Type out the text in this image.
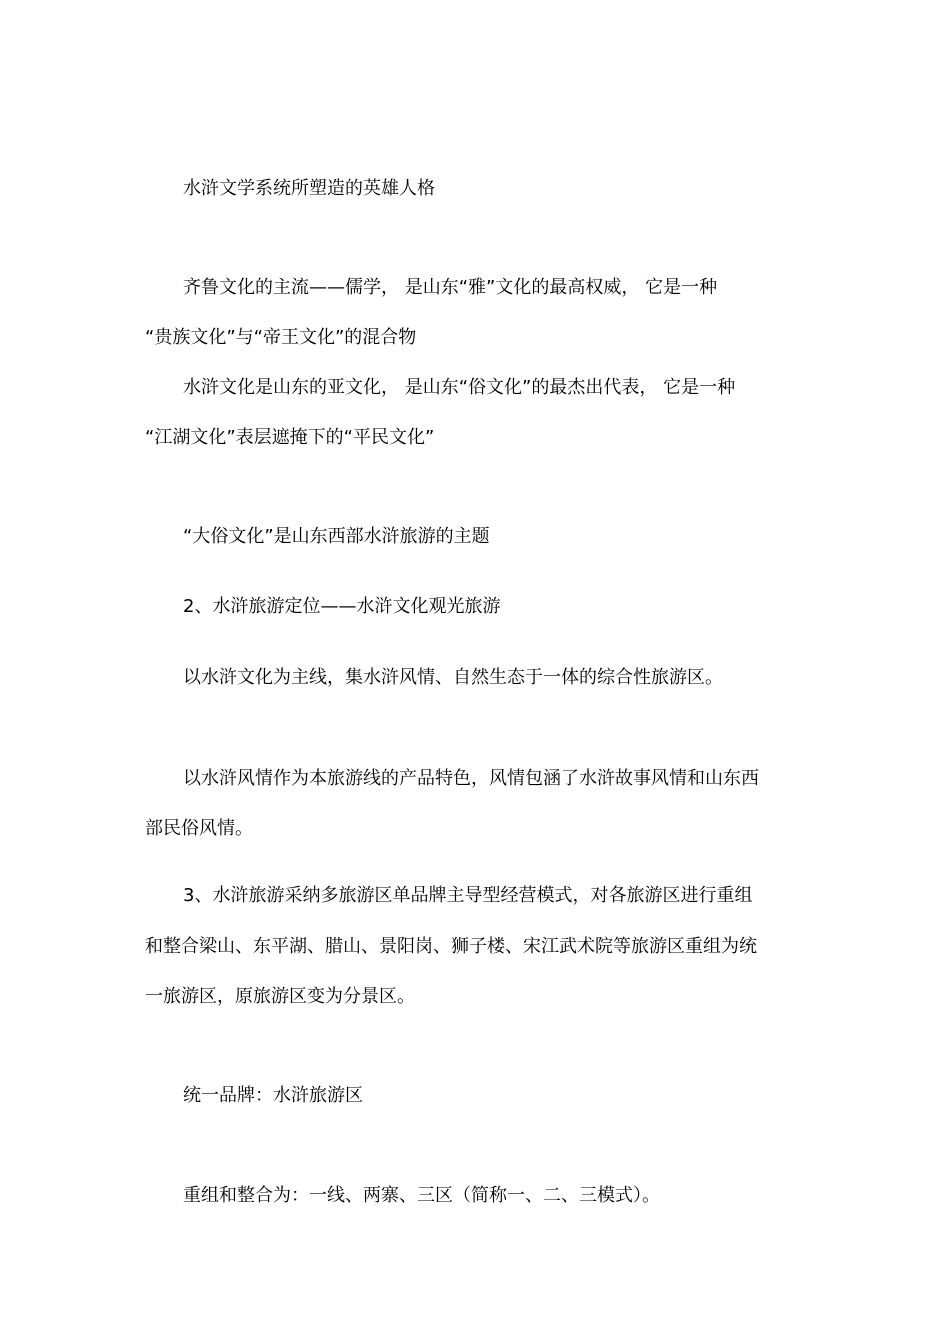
水浒文学系统所塑造的英雄人格

齐鲁文化的主流——儒学， 是山东“雅”文化的最高权威， 它是一种

“贵族文化”与“帝王文化”的混合物

水浒文化是山东的亚文化， 是山东“俗文化”的最杰出代表， 它是一种

“江湖文化”表层遮掩下的“平民文化”

“大俗文化”是山东西部水浒旅游的主题

2、水浒旅游定位——水浒文化观光旅游

以水浒文化为主线，集水浒风情、自然生态于一体的综合性旅游区。

以水浒风情作为本旅游线的产品特色，风情包涵了水浒故事风情和山东西

部民俗风情。

3、水浒旅游采纳多旅游区单品牌主导型经营模式，对各旅游区进行重组

和整合梁山、东平湖、腊山、景阳岗、狮子楼、宋江武术院等旅游区重组为统

一旅游区，原旅游区变为分景区。

统一品牌：水浒旅游区

重组和整合为：一线、两寨、三区（简称一、二、三模式）。
